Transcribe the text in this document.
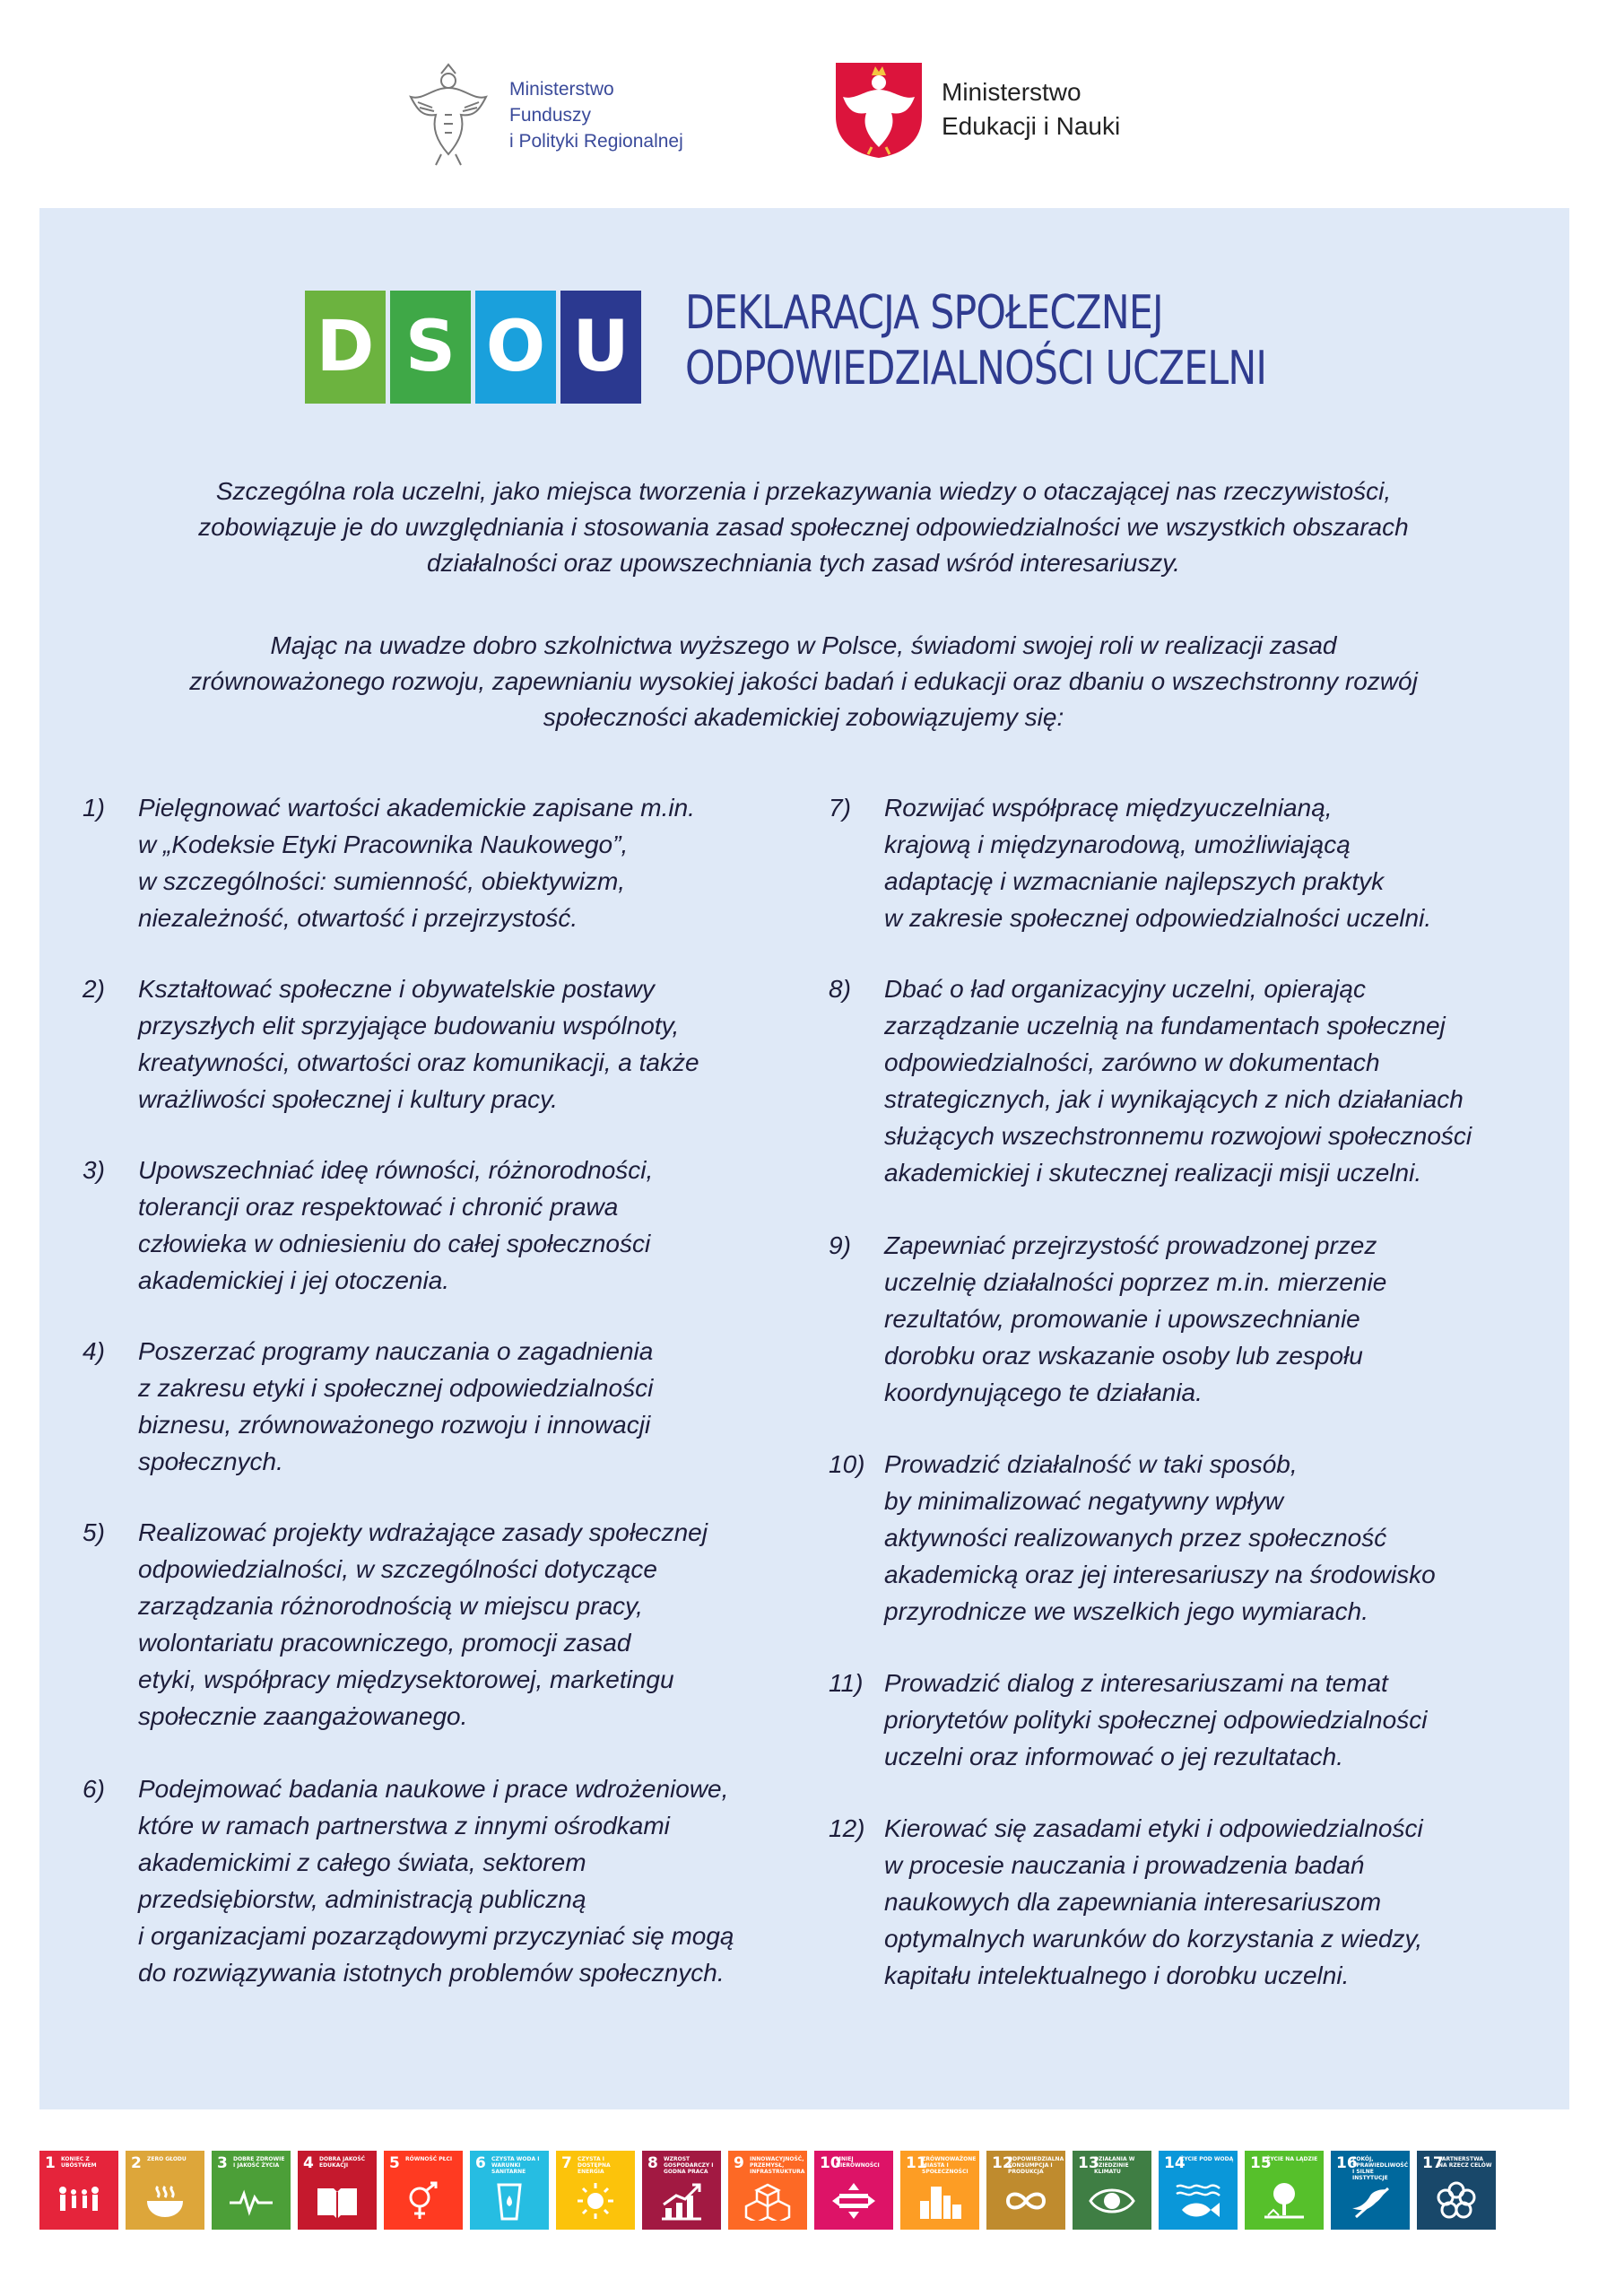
Ministerstwo
Funduszy
i Polityki Regionalnej
Ministerstwo
Edukacji i Nauki
D S O U DEKLARACJA SPOŁECZNEJ
ODPOWIEDZIALNOŚCI UCZELNI
Szczególna rola uczelni, jako miejsca tworzenia i przekazywania wiedzy o otaczającej nas rzeczywistości,
zobowiązuje je do uwzględniania i stosowania zasad społecznej odpowiedzialności we wszystkich obszarach
działalności oraz upowszechniania tych zasad wśród interesariuszy.
Mając na uwadze dobro szkolnictwa wyższego w Polsce, świadomi swojej roli w realizacji zasad
zrównoważonego rozwoju, zapewnianiu wysokiej jakości badań i edukacji oraz dbaniu o wszechstronny rozwój
społeczności akademickiej zobowiązujemy się:
1)	Pielęgnować wartości akademickie zapisane m.in.
w „Kodeksie Etyki Pracownika Naukowego”,
w szczególności: sumienność, obiektywizm,
niezależność, otwartość i przejrzystość.
2)	Kształtować społeczne i obywatelskie postawy
przyszłych elit sprzyjające budowaniu wspólnoty,
kreatywności, otwartości oraz komunikacji, a także
wrażliwości społecznej i kultury pracy.
3)	Upowszechniać ideę równości, różnorodności,
tolerancji oraz respektować i chronić prawa
człowieka w odniesieniu do całej społeczności
akademickiej i jej otoczenia.
4)	Poszerzać programy nauczania o zagadnienia
z zakresu etyki i społecznej odpowiedzialności
biznesu, zrównoważonego rozwoju i innowacji
społecznych.
5)	Realizować projekty wdrażające zasady społecznej
odpowiedzialności, w szczególności dotyczące
zarządzania różnorodnością w miejscu pracy,
wolontariatu pracowniczego, promocji zasad
etyki, współpracy międzysektorowej, marketingu
społecznie zaangażowanego.
6)	Podejmować badania naukowe i prace wdrożeniowe,
które w ramach partnerstwa z innymi ośrodkami
akademickimi z całego świata, sektorem
przedsiębiorstw, administracją publiczną
i organizacjami pozarządowymi przyczyniać się mogą
do rozwiązywania istotnych problemów społecznych.
7)	Rozwijać współpracę międzyuczelnianą,
krajową i międzynarodową, umożliwiającą
adaptację i wzmacnianie najlepszych praktyk
w zakresie społecznej odpowiedzialności uczelni.
8)	Dbać o ład organizacyjny uczelni, opierając
zarządzanie uczelnią na fundamentach społecznej
odpowiedzialności, zarówno w dokumentach
strategicznych, jak i wynikających z nich działaniach
służących wszechstronnemu rozwojowi społeczności
akademickiej i skutecznej realizacji misji uczelni.
9)	Zapewniać przejrzystość prowadzonej przez
uczelnię działalności poprzez m.in. mierzenie
rezultatów, promowanie i upowszechnianie
dorobku oraz wskazanie osoby lub zespołu
koordynującego te działania.
10) Prowadzić działalność w taki sposób,
by minimalizować negatywny wpływ
aktywności realizowanych przez społeczność
akademicką oraz jej interesariuszy na środowisko
przyrodnicze we wszelkich jego wymiarach.
11) Prowadzić dialog z interesariuszami na temat
priorytetów polityki społecznej odpowiedzialności
uczelni oraz informować o jej rezultatach.
12) Kierować się zasadami etyki i odpowiedzialności
w procesie nauczania i prowadzenia badań
naukowych dla zapewniania interesariuszom
optymalnych warunków do korzystania z wiedzy,
kapitału intelektualnego i dorobku uczelni.
1 KONIEC Z UBÓSTWEM	2 ZERO GŁODU	3 DOBRE ZDROWIE I JAKOŚĆ ŻYCIA	4 DOBRA JAKOŚĆ EDUKACJI	5 RÓWNOŚĆ PŁCI	6 CZYSTA WODA I WARUNKI SANITARNE	7 CZYSTA I DOSTĘPNA ENERGIA	8 WZROST GOSPODARCZY I GODNA PRACA	9 INNOWACYJNOŚĆ, PRZEMYSŁ, INFRASTRUKTURA 10
MNIEJ NIERÓWNOŚCI	11
ZRÓWNOWAŻONE MIASTA I SPOŁECZNOŚCI	12
ODPOWIEDZIALNA KONSUMPCJA I PRODUKCJA	13
DZIAŁANIA W DZIEDZINIE KLIMATU	14
ŻYCIE POD WODĄ 15
ŻYCIE NA LĄDZIE 16
POKÓJ, SPRAWIEDLIWOŚĆ I SILNE INSTYTUCJE
17
PARTNERSTWA NA RZECZ CELÓW
